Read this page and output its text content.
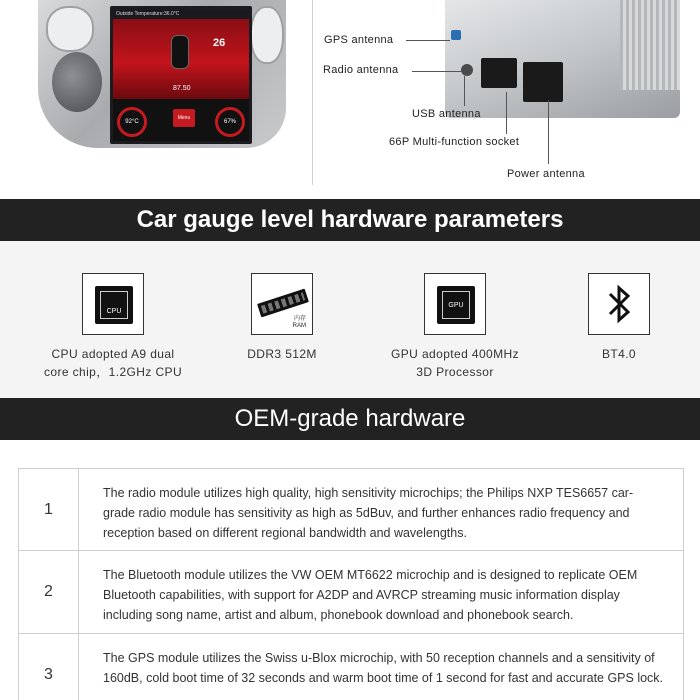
Outside Temperature:36.0°C
26
87.50
92°C
Menu
67%
GPS antenna
Radio antenna
USB antenna
66P Multi-function socket
Power antenna
Car gauge level hardware parameters
CPU
CPU adopted A9 dual
core chip，1.2GHz CPU
内存
RAM
DDR3 512M
GPU
GPU adopted 400MHz
3D Processor
BT4.0
OEM-grade hardware
1
The radio module utilizes high quality, high sensitivity microchips; the Philips NXP TES6657 car-grade radio module has sensitivity as high as 5dBuv, and further enhances radio frequency and reception based on different regional bandwidth and wavelengths.
2
The Bluetooth module utilizes the VW OEM MT6622 microchip and is designed to replicate OEM Bluetooth capabilities, with support for A2DP and AVRCP streaming music information display including song name, artist and album, phonebook download and phonebook search.
3
The GPS module utilizes the Swiss u-Blox microchip, with 50 reception channels and a sensitivity of 160dB, cold boot time of 32 seconds and warm boot time of 1 second for fast and accurate GPS lock.
